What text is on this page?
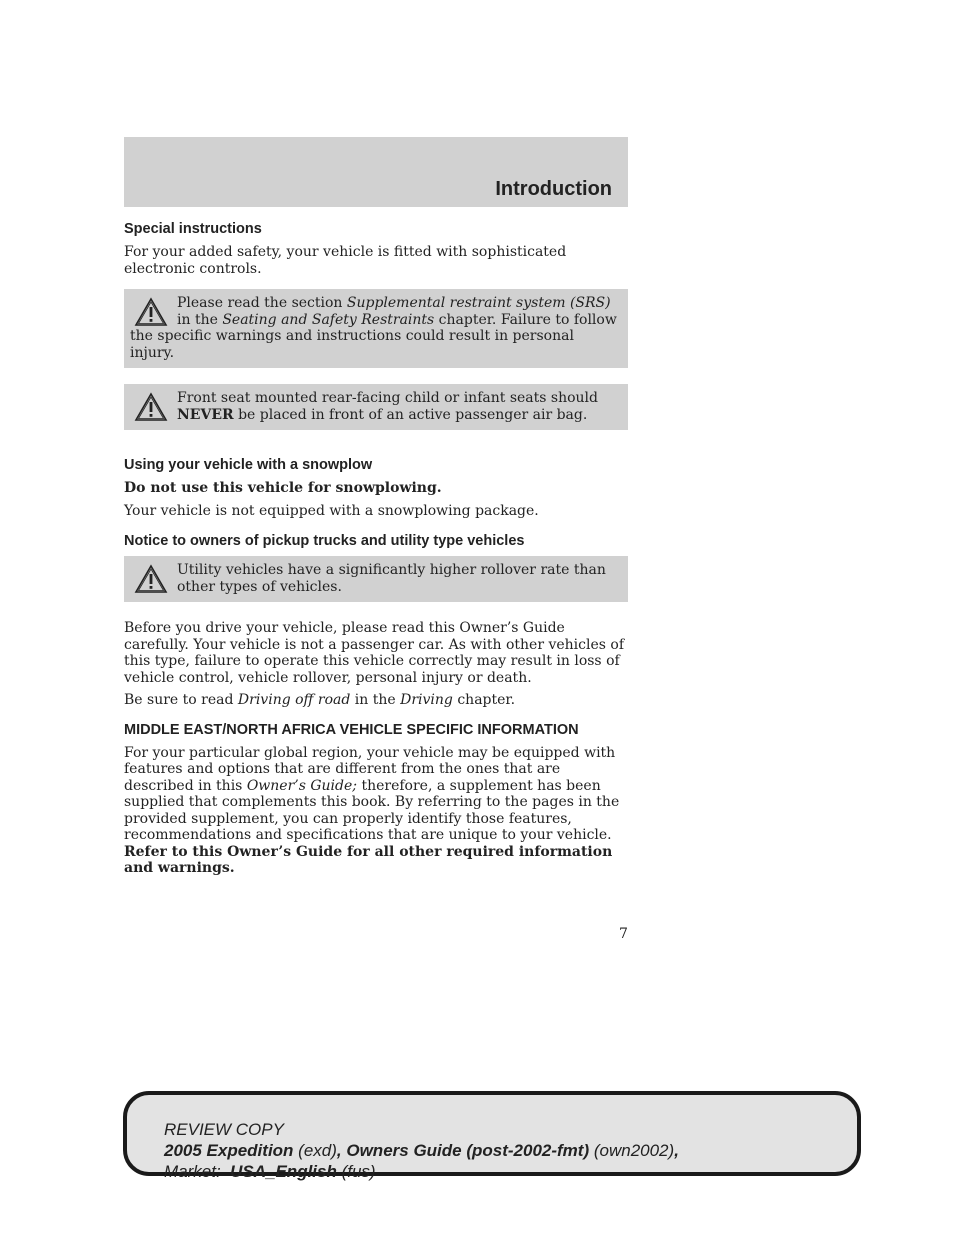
Introduction
Special instructions

For your added safety, your vehicle is fitted with sophisticated electronic controls.

Please read the section Supplemental restraint system (SRS) in the Seating and Safety Restraints chapter. Failure to follow the specific warnings and instructions could result in personal injury.
Front seat mounted rear-facing child or infant seats should NEVER be placed in front of an active passenger air bag.
Using your vehicle with a snowplow

Do not use this vehicle for snowplowing.

Your vehicle is not equipped with a snowplowing package.

Notice to owners of pickup trucks and utility type vehicles
Utility vehicles have a significantly higher rollover rate than other types of vehicles.

Before you drive your vehicle, please read this Owner’s Guide carefully. Your vehicle is not a passenger car. As with other vehicles of this type, failure to operate this vehicle correctly may result in loss of vehicle control, vehicle rollover, personal injury or death.

Be sure to read Driving off road in the Driving chapter.

MIDDLE EAST/NORTH AFRICA VEHICLE SPECIFIC INFORMATION

For your particular global region, your vehicle may be equipped with features and options that are different from the ones that are described in this Owner’s Guide; therefore, a supplement has been supplied that complements this book. By referring to the pages in the provided supplement, you can properly identify those features, recommendations and specifications that are unique to your vehicle. Refer to this Owner’s Guide for all other required information and warnings.

7
REVIEW COPY
2005 Expedition (exd), Owners Guide (post-2002-fmt) (own2002),
Market:  USA_English (fus)
